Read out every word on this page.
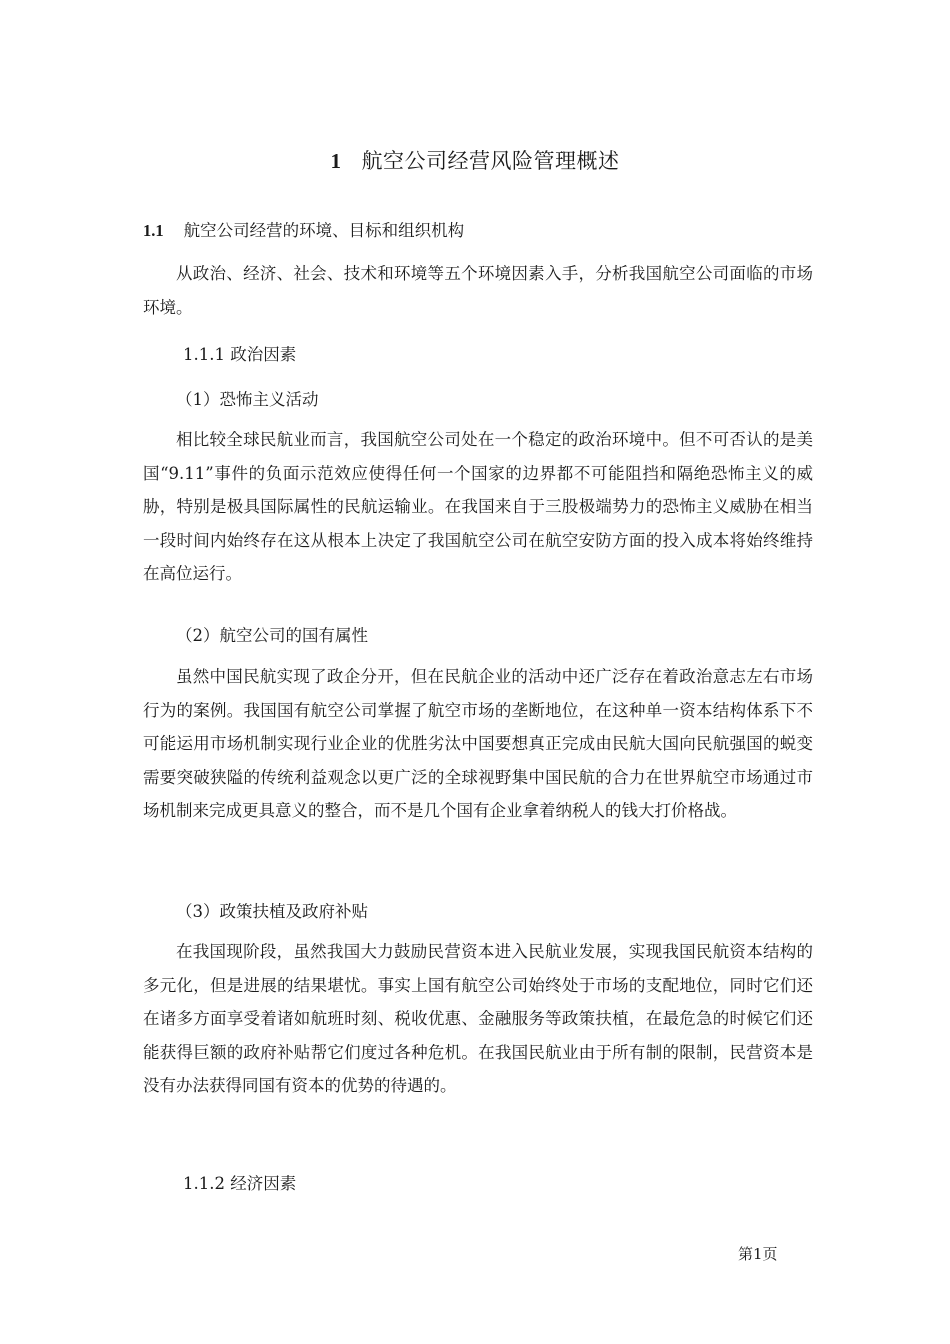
1 航空公司经营风险管理概述
1.1 航空公司经营的环境、目标和组织机构

从政治、经济、社会、技术和环境等五个环境因素入手，分析我国航空公司面临的市场环境。

1.1.1 政治因素
（1）恐怖主义活动

相比较全球民航业而言，我国航空公司处在一个稳定的政治环境中。但不可否认的是美国“9.11”事件的负面示范效应使得任何一个国家的边界都不可能阻挡和隔绝恐怖主义的威胁，特别是极具国际属性的民航运输业。在我国来自于三股极端势力的恐怖主义威胁在相当一段时间内始终存在这从根本上决定了我国航空公司在航空安防方面的投入成本将始终维持在高位运行。

（2）航空公司的国有属性

虽然中国民航实现了政企分开，但在民航企业的活动中还广泛存在着政治意志左右市场行为的案例。我国国有航空公司掌握了航空市场的垄断地位，在这种单一资本结构体系下不可能运用市场机制实现行业企业的优胜劣汰中国要想真正完成由民航大国向民航强国的蜕变需要突破狭隘的传统利益观念以更广泛的全球视野集中国民航的合力在世界航空市场通过市场机制来完成更具意义的整合，而不是几个国有企业拿着纳税人的钱大打价格战。

（3）政策扶植及政府补贴

在我国现阶段，虽然我国大力鼓励民营资本进入民航业发展，实现我国民航资本结构的多元化，但是进展的结果堪忧。事实上国有航空公司始终处于市场的支配地位，同时它们还在诸多方面享受着诸如航班时刻、税收优惠、金融服务等政策扶植，在最危急的时候它们还能获得巨额的政府补贴帮它们度过各种危机。在我国民航业由于所有制的限制，民营资本是没有办法获得同国有资本的优势的待遇的。

1.1.2 经济因素
第1页
